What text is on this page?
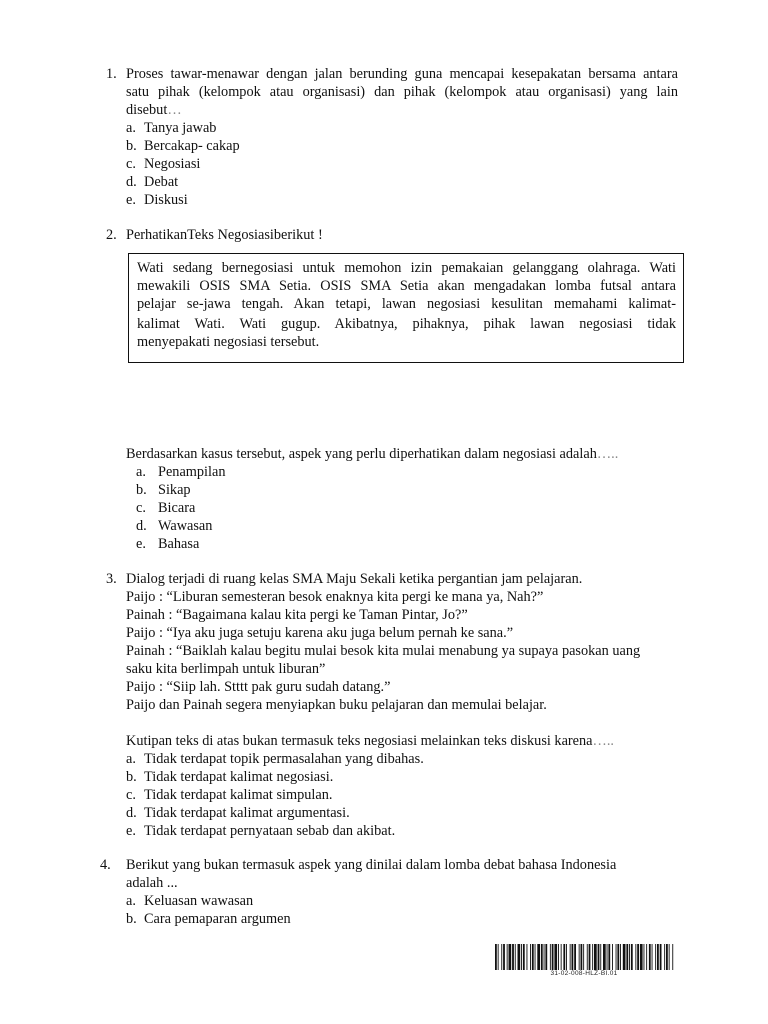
1. Proses tawar-menawar dengan jalan berunding guna mencapai kesepakatan bersama antara
satu pihak (kelompok atau organisasi) dan pihak (kelompok atau organisasi) yang lain
disebut…
a. Tanya jawab
b. Bercakap- cakap
c. Negosiasi
d. Debat
e. Diskusi
2. PerhatikanTeks Negosiasiberikut !
Wati sedang bernegosiasi untuk memohon izin pemakaian gelanggang olahraga. Wati
mewakili OSIS SMA Setia. OSIS SMA Setia akan mengadakan lomba futsal antara
pelajar se-jawa tengah. Akan tetapi, lawan negosiasi kesulitan memahami kalimat-
kalimat Wati. Wati gugup. Akibatnya, pihaknya, pihak lawan negosiasi tidak
menyepakati negosiasi tersebut.
Berdasarkan kasus tersebut, aspek yang perlu diperhatikan dalam negosiasi adalah…..
a. Penampilan
b. Sikap
c. Bicara
d. Wawasan
e. Bahasa
3. Dialog terjadi di ruang kelas SMA Maju Sekali ketika pergantian jam pelajaran.
Paijo : “Liburan semesteran besok enaknya kita pergi ke mana ya, Nah?”
Painah : “Bagaimana kalau kita pergi ke Taman Pintar, Jo?”
Paijo : “Iya aku juga setuju karena aku juga belum pernah ke sana.”
Painah : “Baiklah kalau begitu mulai besok kita mulai menabung ya supaya pasokan uang
saku kita berlimpah untuk liburan”
Paijo : “Siip lah. Stttt pak guru sudah datang.”
Paijo dan Painah segera menyiapkan buku pelajaran dan memulai belajar.
Kutipan teks di atas bukan termasuk teks negosiasi melainkan teks diskusi karena…..
a. Tidak terdapat topik permasalahan yang dibahas.
b. Tidak terdapat kalimat negosiasi.
c. Tidak terdapat kalimat simpulan.
d. Tidak terdapat kalimat argumentasi.
e. Tidak terdapat pernyataan sebab dan akibat.
4. Berikut yang bukan termasuk aspek yang dinilai dalam lomba debat bahasa Indonesia
adalah ...
a. Keluasan wawasan
b. Cara pemaparan argumen
31-02-008-HLZ-BI.01
